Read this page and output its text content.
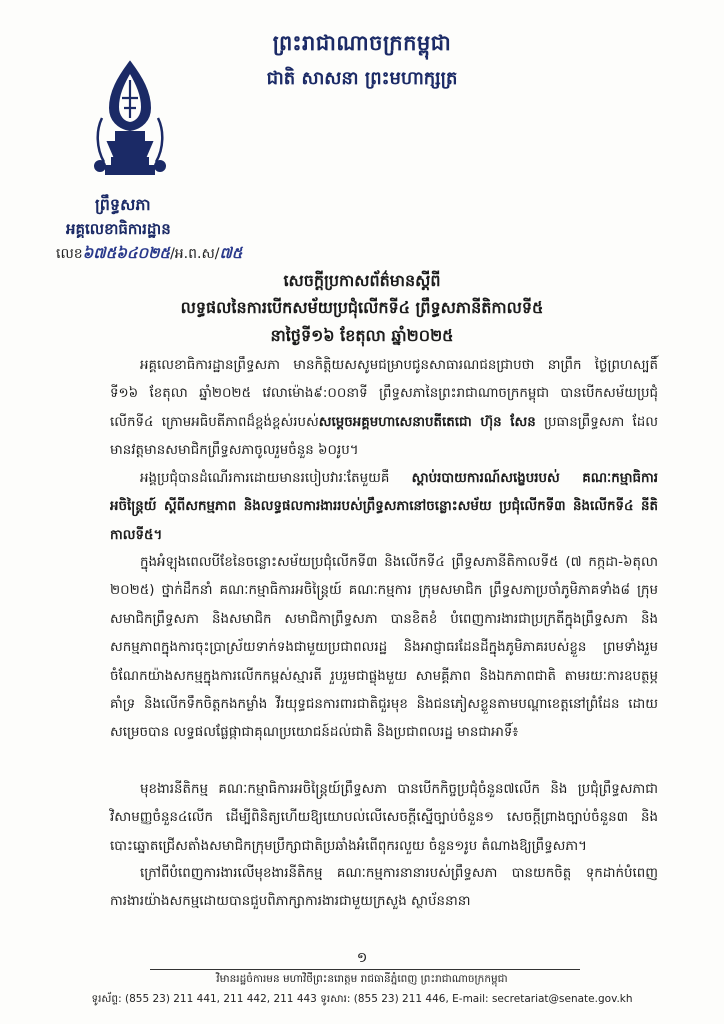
ព្រះរាជាណាចក្រកម្ពុជា
ជាតិ សាសនា ព្រះមហាក្សត្រ
ព្រឹទ្ធសភា
អគ្គលេខាធិការដ្ឋាន
លេខ៦៧៥៦៤០២៥/អ.ព.ស/៧៥
សេចក្តីប្រកាសព័ត៌មានស្តីពី
លទ្ធផលនៃការបើកសម័យប្រជុំលើកទី៤ ព្រឹទ្ធសភានីតិកាលទី៥
នាថ្ងៃទី១៦ ខែតុលា ឆ្នាំ២០២៥
អគ្គលេខាធិការដ្ឋានព្រឹទ្ធសភា មានកិត្តិយសសូមជម្រាបជូនសាធារណជនជ្រាបថា នាព្រឹក ថ្ងៃព្រហស្បតិ៍ ទី១៦ ខែតុលា ឆ្នាំ២០២៥ វេលាម៉ោង៩:០០នាទី ព្រឹទ្ធសភានៃព្រះរាជាណាចក្រកម្ពុជា បានបើកសម័យប្រជុំលើកទី៤ ក្រោមអធិបតីភាពដ៏ខ្ពង់ខ្ពស់របស់សម្តេចអគ្គមហាសេនាបតីតេជោ ហ៊ុន សែន ប្រធានព្រឹទ្ធសភា ដែលមានវត្តមានសមាជិកព្រឹទ្ធសភាចូលរួមចំនួន ៦០រូប។
អង្គប្រជុំបានដំណើរការដោយមានរបៀបវារៈតែមួយគឺ ស្តាប់របាយការណ៍សង្ខេបរបស់ គណៈកម្មាធិការអចិន្ត្រៃយ៍ ស្តីពីសកម្មភាព និងលទ្ធផលការងាររបស់ព្រឹទ្ធសភានៅចន្លោះសម័យ ប្រជុំលើកទី៣ និងលើកទី៤ នីតិកាលទី៥។
ក្នុងអំឡុងពេលបីខែនៃចន្លោះសម័យប្រជុំលើកទី៣ និងលើកទី៤ ព្រឹទ្ធសភានីតិកាលទី៥ (៧ កក្កដា-៦តុលា ២០២៥) ថ្នាក់ដឹកនាំ គណៈកម្មាធិការអចិន្ត្រៃយ៍ គណៈកម្មការ ក្រុមសមាជិក ព្រឹទ្ធសភាប្រចាំភូមិភាគទាំង៨ ក្រុមសមាជិកព្រឹទ្ធសភា និងសមាជិក សមាជិកាព្រឹទ្ធសភា បានខិតខំ បំពេញការងារជាប្រក្រតីក្នុងព្រឹទ្ធសភា និងសកម្មភាពក្នុងការចុះប្រាស្រ័យទាក់ទងជាមួយប្រជាពលរដ្ឋ និងអាជ្ញាធរដែនដីក្នុងភូមិភាគរបស់ខ្លួន ព្រមទាំងរួមចំណែកយ៉ាងសកម្មក្នុងការលើកកម្ពស់ស្មារតី រួបរួមជាផ្លុងមួយ សាមគ្គីភាព និងឯកភាពជាតិ តាមរយៈការឧបត្ថម្ភគាំទ្រ និងលើកទឹកចិត្តកងកម្លាំង វីរយុទ្ធជនការពារជាតិជួរមុខ និងជនភៀសខ្លួនតាមបណ្ដាខេត្តនៅព្រំដែន ដោយសម្រេចបាន លទ្ធផលផ្លែផ្កាជាគុណប្រយោជន៍ដល់ជាតិ និងប្រជាពលរដ្ឋ មានជាអាទិ៍៖
មុខងារនីតិកម្ម គណៈកម្មាធិការអចិន្ត្រៃយ៍ព្រឹទ្ធសភា បានបើកកិច្ចប្រជុំចំនួន៧លើក និង ប្រជុំព្រឹទ្ធសភាជាវិសាមញ្ញចំនួន៤លើក ដើម្បីពិនិត្យហើយឱ្យយោបល់លើសេចក្តីស្នើច្បាប់ចំនួន១ សេចក្តីព្រាងច្បាប់ចំនួន៣ និងបោះឆ្នោតជ្រើសតាំងសមាជិកក្រុមប្រឹក្សាជាតិប្រឆាំងអំពើពុករលួយ ចំនួន១រូប តំណាងឱ្យព្រឹទ្ធសភា។
ក្រៅពីបំពេញការងារលើមុខងារនីតិកម្ម គណៈកម្មការនានារបស់ព្រឹទ្ធសភា បានយកចិត្ត ទុកដាក់បំពេញការងារយ៉ាងសកម្មដោយបានជួបពិភាក្សាការងារជាមួយក្រសួង ស្ថាប័ននានា
១
វិមានរដ្ឋចំការមន មហាវិថីព្រះនរោត្តម រាជធានីភ្នំពេញ ព្រះរាជាណាចក្រកម្ពុជា
ទូរស័ព្ទ: (855 23) 211 441, 211 442, 211 443 ទូរសារ: (855 23) 211 446, E-mail: secretariat@senate.gov.kh
